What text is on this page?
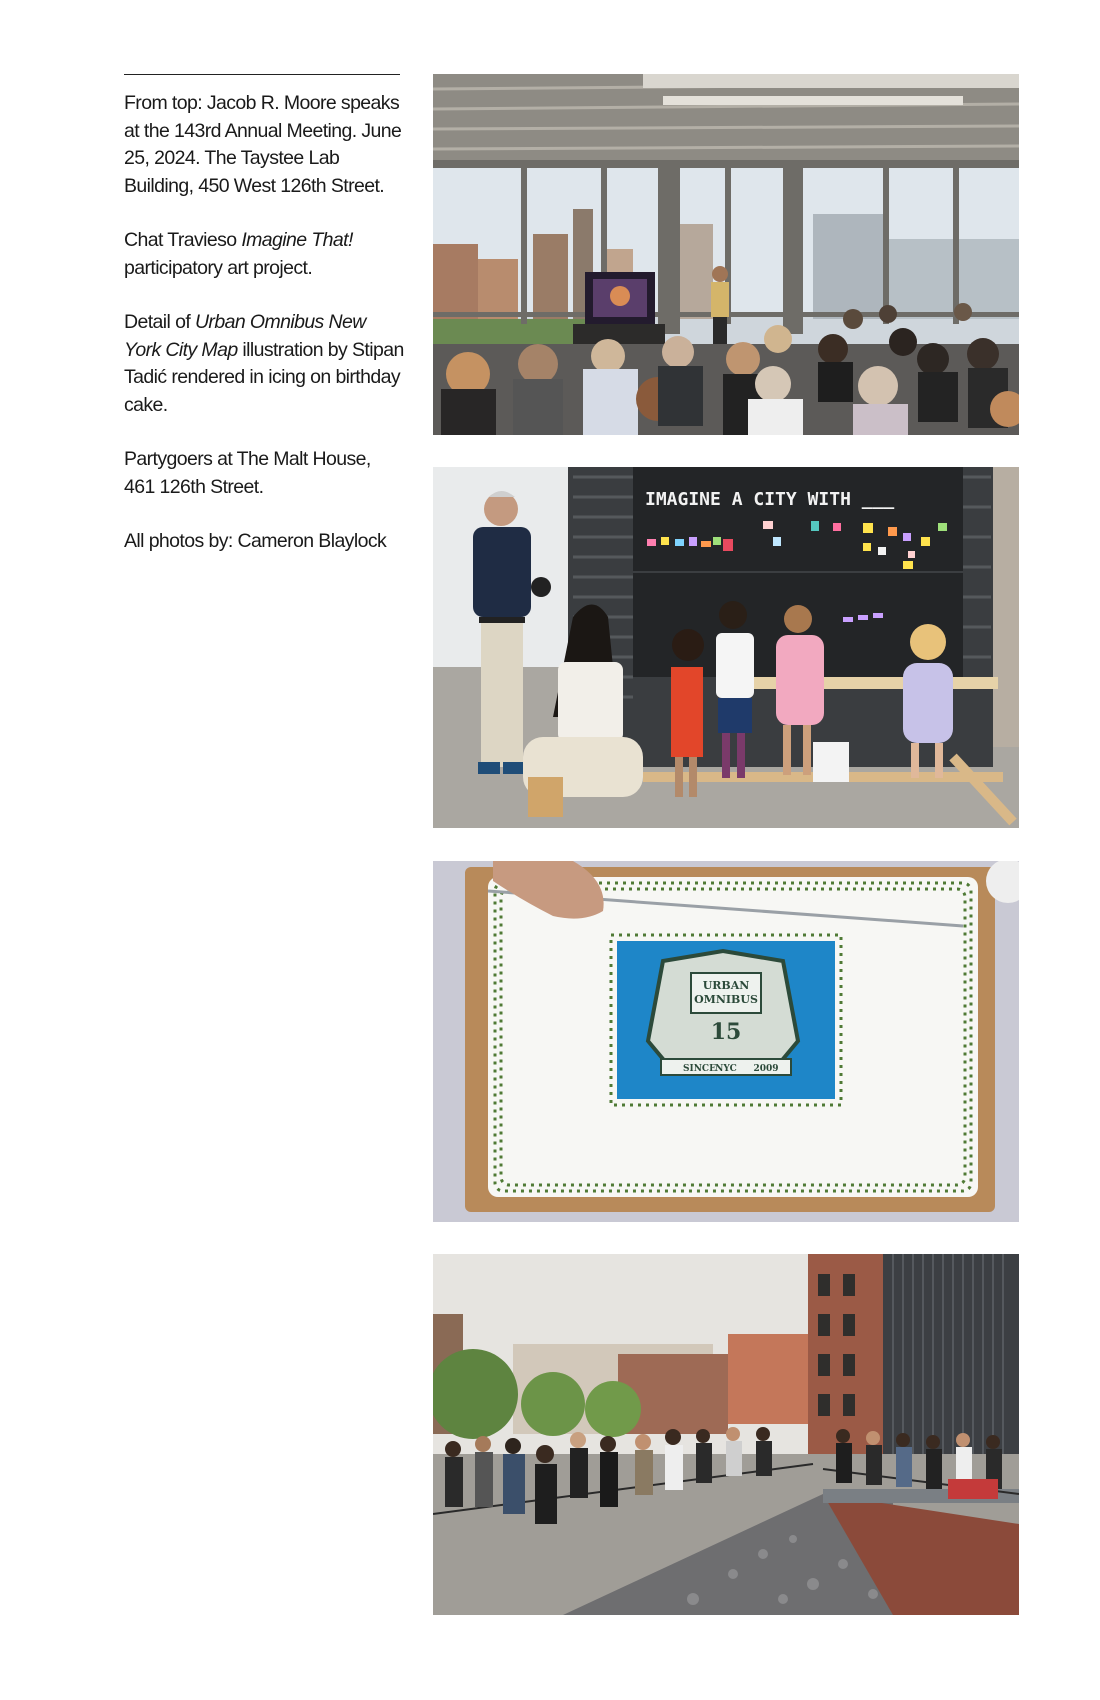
From top: Jacob R. Moore speaks at the 143rd Annual Meeting. June 25, 2024. The Taystee Lab Building, 450 West 126th Street.

Chat Travieso Imagine That! participatory art project.

Detail of Urban Omnibus New York City Map illustration by Stipan Tadić rendered in icing on birthday cake.

Partygoers at The Malt House, 461 126th Street.

All photos by: Cameron Blaylock

IMAGINE A CITY WITH ___
URBAN
OMNIBUS
15
SINCE NYC 2009
